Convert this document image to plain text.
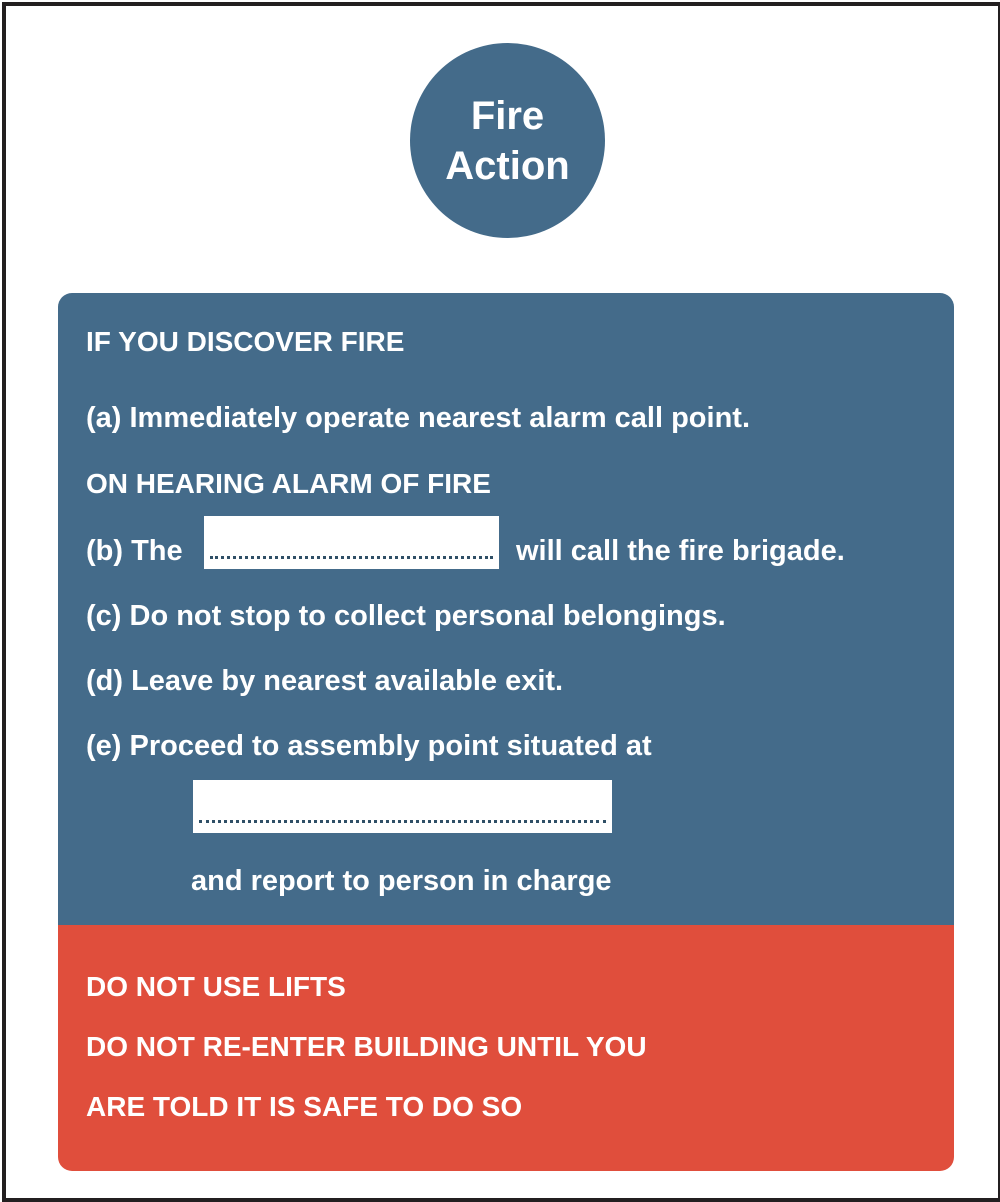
Fire
Action
IF YOU DISCOVER FIRE
(a) Immediately operate nearest alarm call point.
ON HEARING ALARM OF FIRE
(b) The	will call the fire brigade.
(c) Do not stop to collect personal belongings.
(d) Leave by nearest available exit.
(e) Proceed to assembly point situated at
and report to person in charge
DO NOT USE LIFTS
DO NOT RE-ENTER BUILDING UNTIL YOU
ARE TOLD IT IS SAFE TO DO SO
